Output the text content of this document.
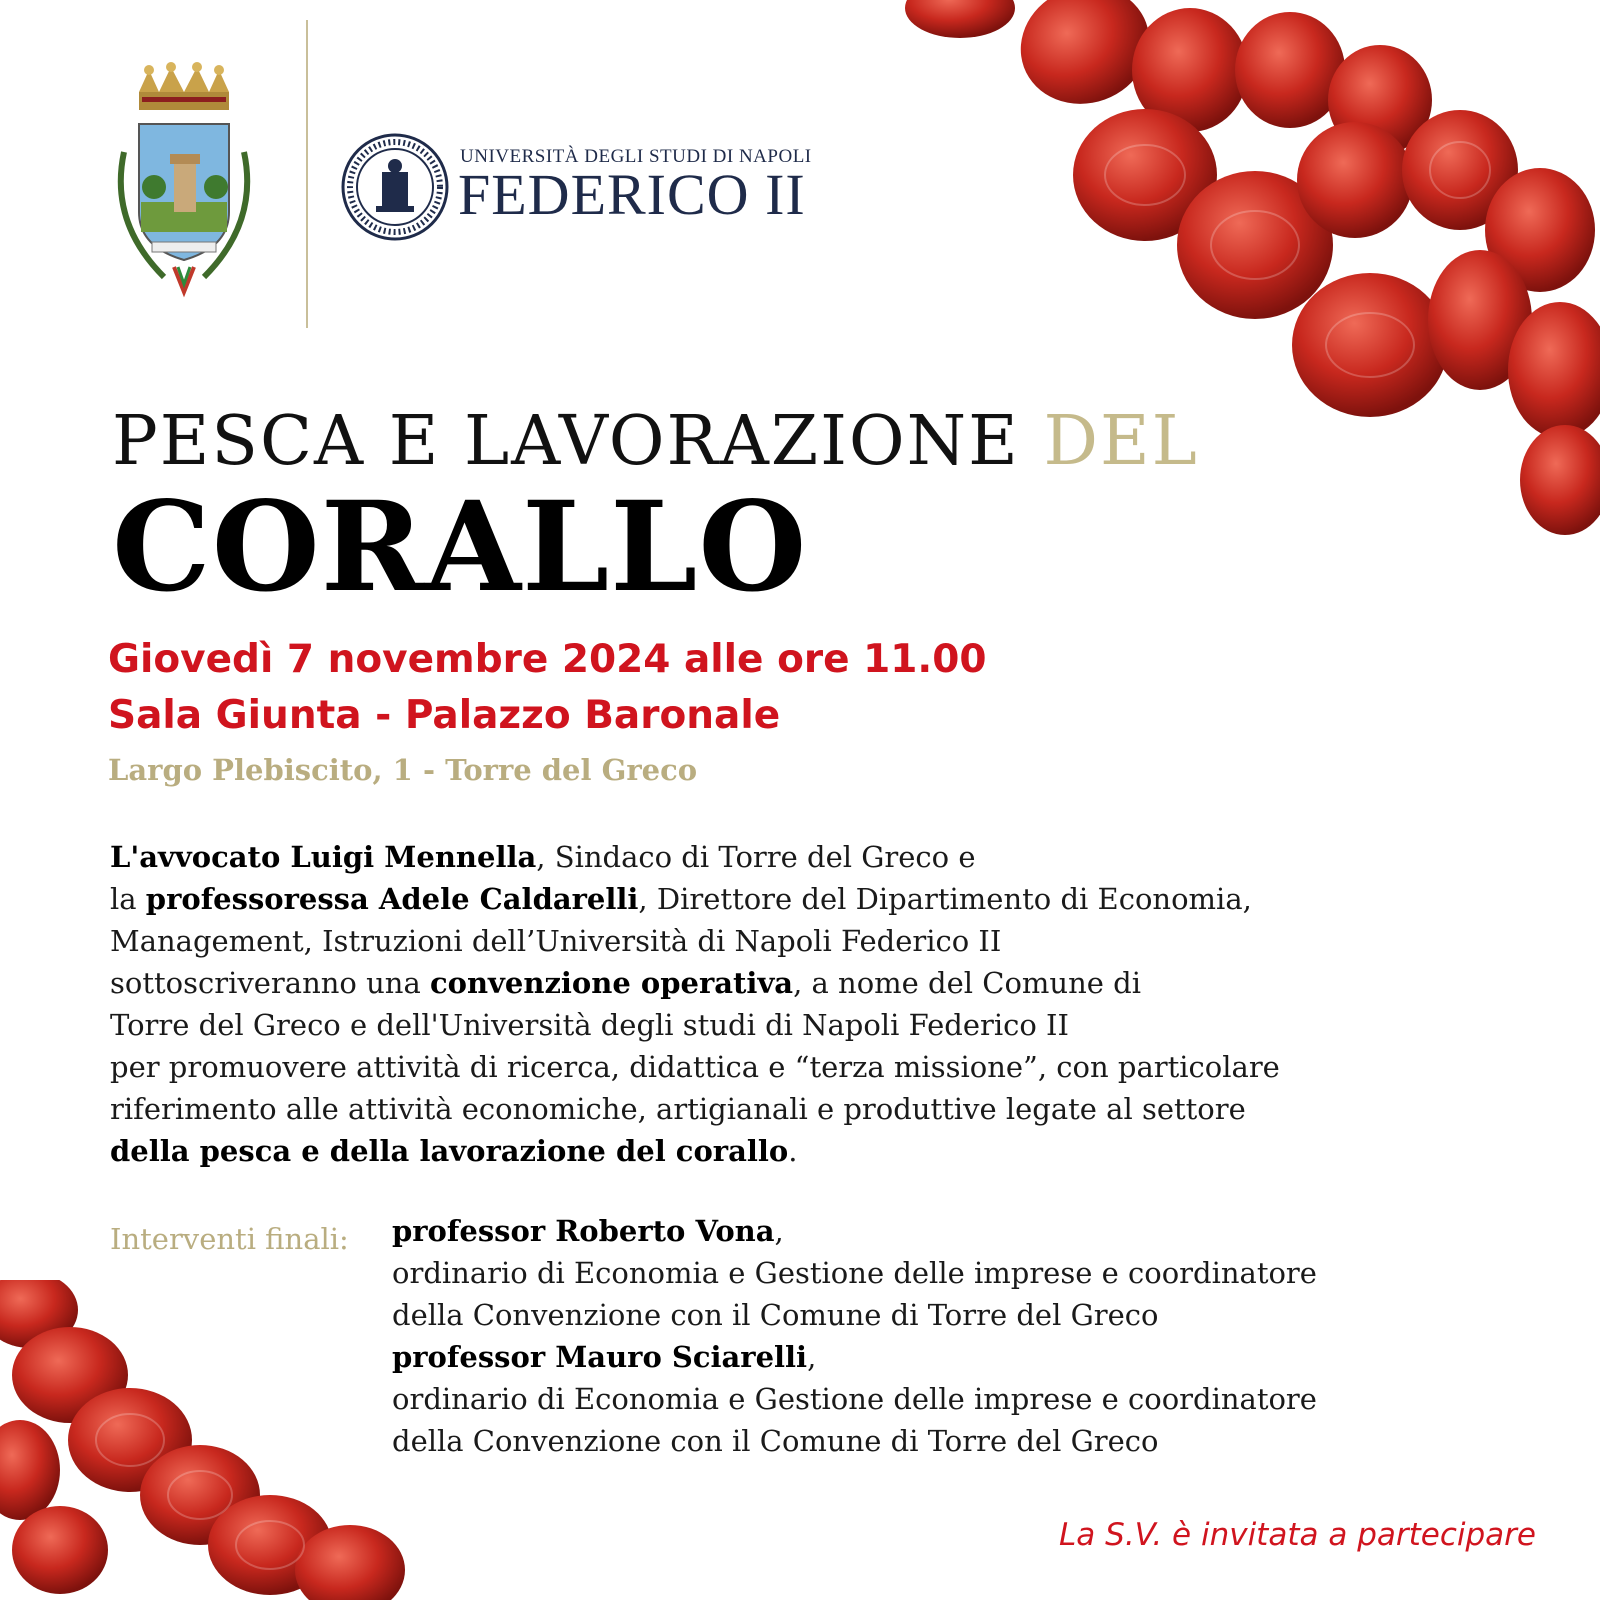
UNIVERSITÀ DEGLI STUDI DI NAPOLI
FEDERICO II
PESCA E LAVORAZIONE DEL
CORALLO
Giovedì 7 novembre 2024 alle ore 11.00
Sala Giunta - Palazzo Baronale
Largo Plebiscito, 1 - Torre del Greco

L'avvocato Luigi Mennella, Sindaco di Torre del Greco e

la professoressa Adele Caldarelli, Direttore del Dipartimento di Economia,

Management, Istruzioni dell’Università di Napoli Federico II

sottoscriveranno una convenzione operativa, a nome del Comune di

Torre del Greco e dell'Università degli studi di Napoli Federico II

per promuovere attività di ricerca, didattica e “terza missione”, con particolare

riferimento alle attività economiche, artigianali e produttive legate al settore

della pesca e della lavorazione del corallo.

Interventi finali: professor Roberto Vona,

ordinario di Economia e Gestione delle imprese e coordinatore

della Convenzione con il Comune di Torre del Greco

professor Mauro Sciarelli,

ordinario di Economia e Gestione delle imprese e coordinatore

della Convenzione con il Comune di Torre del Greco

La S.V. è invitata a partecipare
